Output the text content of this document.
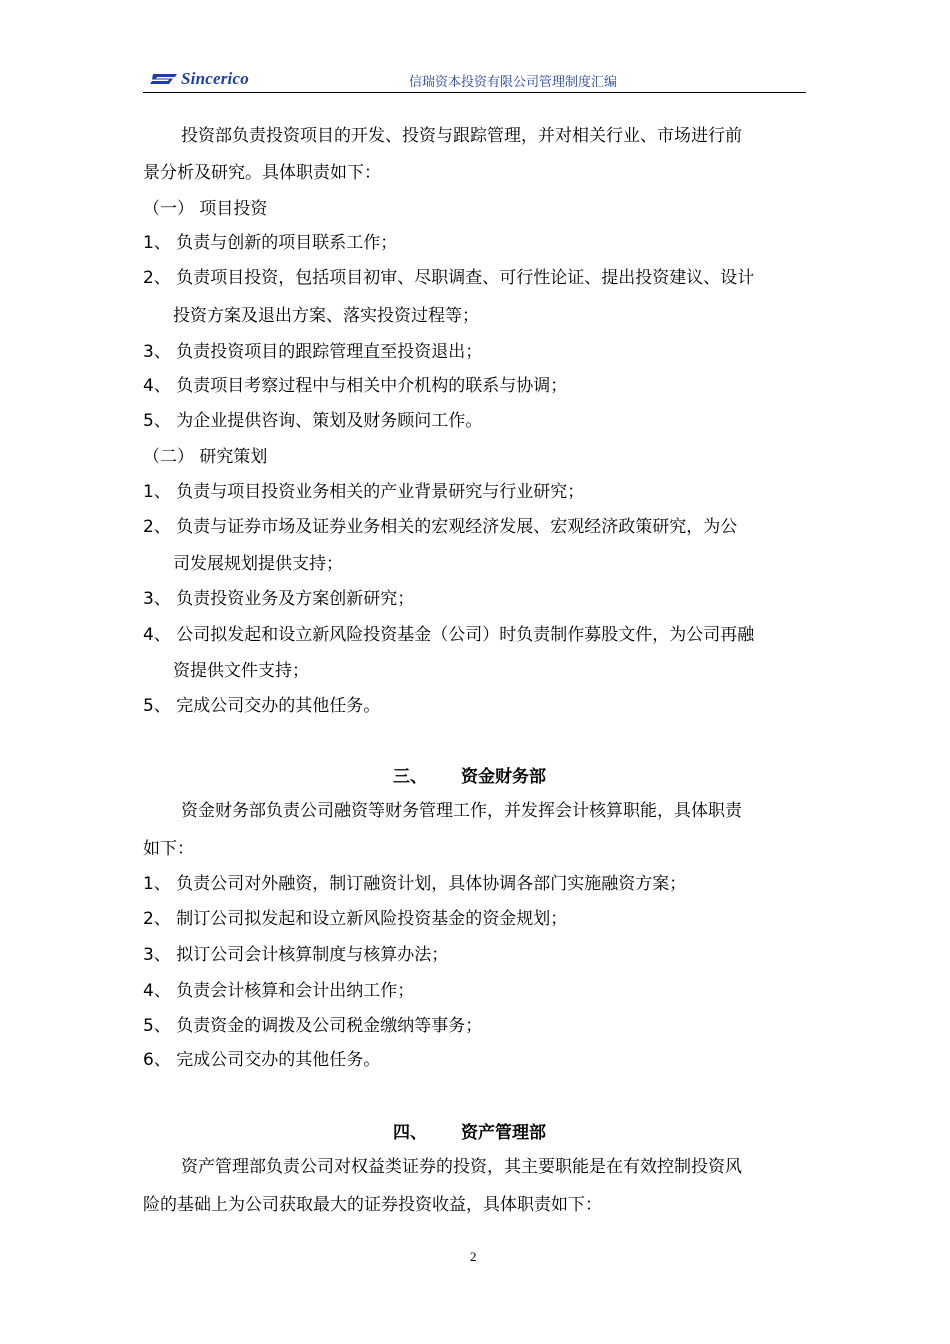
Sincerico	信瑞资本投资有限公司管理制度汇编
投资部负责投资项目的开发、投资与跟踪管理，并对相关行业、市场进行前
景分析及研究。具体职责如下：
（一） 项目投资
1、 负责与创新的项目联系工作；
2、 负责项目投资，包括项目初审、尽职调查、可行性论证、提出投资建议、设计
投资方案及退出方案、落实投资过程等；
3、 负责投资项目的跟踪管理直至投资退出；
4、 负责项目考察过程中与相关中介机构的联系与协调；
5、 为企业提供咨询、策划及财务顾问工作。
（二） 研究策划
1、 负责与项目投资业务相关的产业背景研究与行业研究；
2、 负责与证券市场及证券业务相关的宏观经济发展、宏观经济政策研究，为公
司发展规划提供支持；
3、 负责投资业务及方案创新研究；
4、 公司拟发起和设立新风险投资基金（公司）时负责制作募股文件，为公司再融
资提供文件支持；
5、 完成公司交办的其他任务。
三、 资金财务部
资金财务部负责公司融资等财务管理工作，并发挥会计核算职能，具体职责
如下：
1、 负责公司对外融资，制订融资计划，具体协调各部门实施融资方案；
2、 制订公司拟发起和设立新风险投资基金的资金规划；
3、 拟订公司会计核算制度与核算办法；
4、 负责会计核算和会计出纳工作；
5、 负责资金的调拨及公司税金缴纳等事务；
6、 完成公司交办的其他任务。
四、 资产管理部
资产管理部负责公司对权益类证券的投资，其主要职能是在有效控制投资风
险的基础上为公司获取最大的证券投资收益，具体职责如下：
2
